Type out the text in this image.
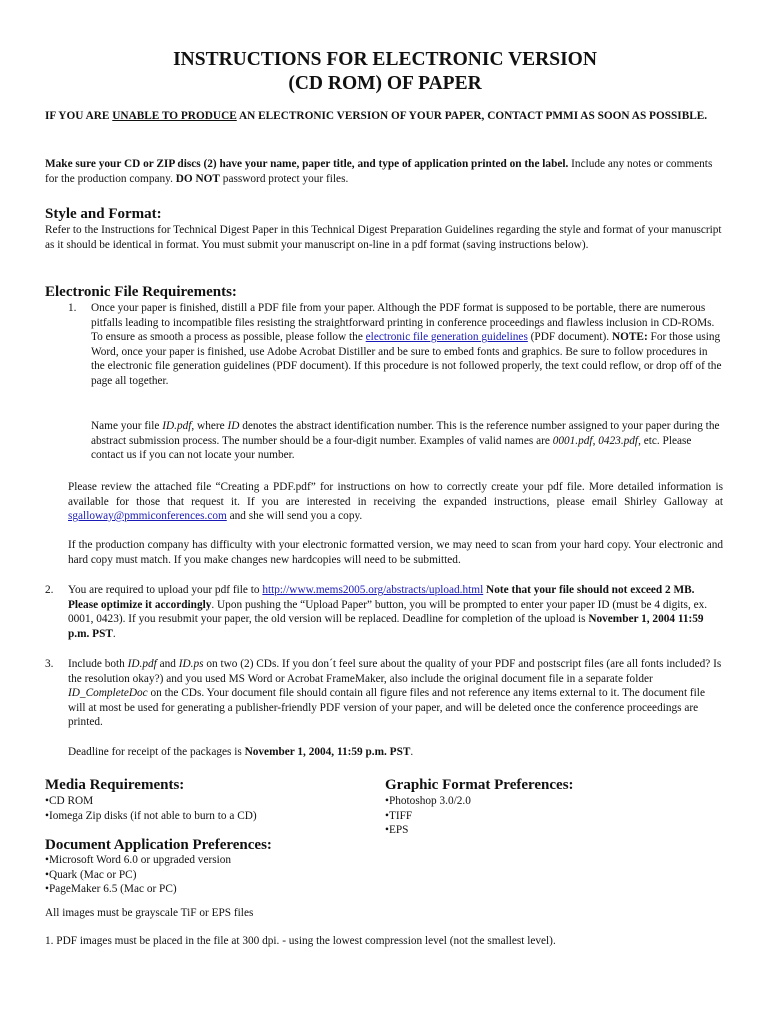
INSTRUCTIONS FOR ELECTRONIC VERSION
(CD ROM) OF PAPER
IF YOU ARE UNABLE TO PRODUCE AN ELECTRONIC VERSION OF YOUR PAPER, CONTACT PMMI AS SOON AS POSSIBLE.
Make sure your CD or ZIP discs (2) have your name, paper title, and type of application printed on the label. Include any notes or comments for the production company. DO NOT password protect your files.
Style and Format:
Refer to the Instructions for Technical Digest Paper in this Technical Digest Preparation Guidelines regarding the style and format of your manuscript as it should be identical in format. You must submit your manuscript on-line in a pdf format (saving instructions below).
Electronic File Requirements:
1. Once your paper is finished, distill a PDF file from your paper. Although the PDF format is supposed to be portable, there are numerous pitfalls leading to incompatible files resisting the straightforward printing in conference proceedings and flawless inclusion in CD-ROMs. To ensure as smooth a process as possible, please follow the electronic file generation guidelines (PDF document). NOTE: For those using Word, once your paper is finished, use Adobe Acrobat Distiller and be sure to embed fonts and graphics. Be sure to follow procedures in the electronic file generation guidelines (PDF document). If this procedure is not followed properly, the text could reflow, or drop off of the page all together.
Name your file ID.pdf, where ID denotes the abstract identification number. This is the reference number assigned to your paper during the abstract submission process. The number should be a four-digit number. Examples of valid names are 0001.pdf, 0423.pdf, etc. Please contact us if you can not locate your number.
Please review the attached file “Creating a PDF.pdf” for instructions on how to correctly create your pdf file. More detailed information is available for those that request it. If you are interested in receiving the expanded instructions, please email Shirley Galloway at sgalloway@pmmiconferences.com and she will send you a copy.
If the production company has difficulty with your electronic formatted version, we may need to scan from your hard copy. Your electronic and hard copy must match. If you make changes new hardcopies will need to be submitted.
2. You are required to upload your pdf file to http://www.mems2005.org/abstracts/upload.html Note that your file should not exceed 2 MB. Please optimize it accordingly. Upon pushing the “Upload Paper” button, you will be prompted to enter your paper ID (must be 4 digits, ex. 0001, 0423). If you resubmit your paper, the old version will be replaced. Deadline for completion of the upload is November 1, 2004 11:59 p.m. PST.
3. Include both ID.pdf and ID.ps on two (2) CDs. If you don´t feel sure about the quality of your PDF and postscript files (are all fonts included? Is the resolution okay?) and you used MS Word or Acrobat FrameMaker, also include the original document file in a separate folder ID_CompleteDoc on the CDs. Your document file should contain all figure files and not reference any items external to it. The document file will at most be used for generating a publisher-friendly PDF version of your paper, and will be deleted once the conference proceedings are printed.
Deadline for receipt of the packages is November 1, 2004, 11:59 p.m. PST.
Media Requirements:

•CD ROM

•Iomega Zip disks (if not able to burn to a CD)

Graphic Format Preferences:

•Photoshop 3.0/2.0

•TIFF

•EPS

Document Application Preferences:

•Microsoft Word 6.0 or upgraded version

•Quark (Mac or PC)

•PageMaker 6.5 (Mac or PC)

All images must be grayscale TiF or EPS files
1. PDF images must be placed in the file at 300 dpi. - using the lowest compression level (not the smallest level).
